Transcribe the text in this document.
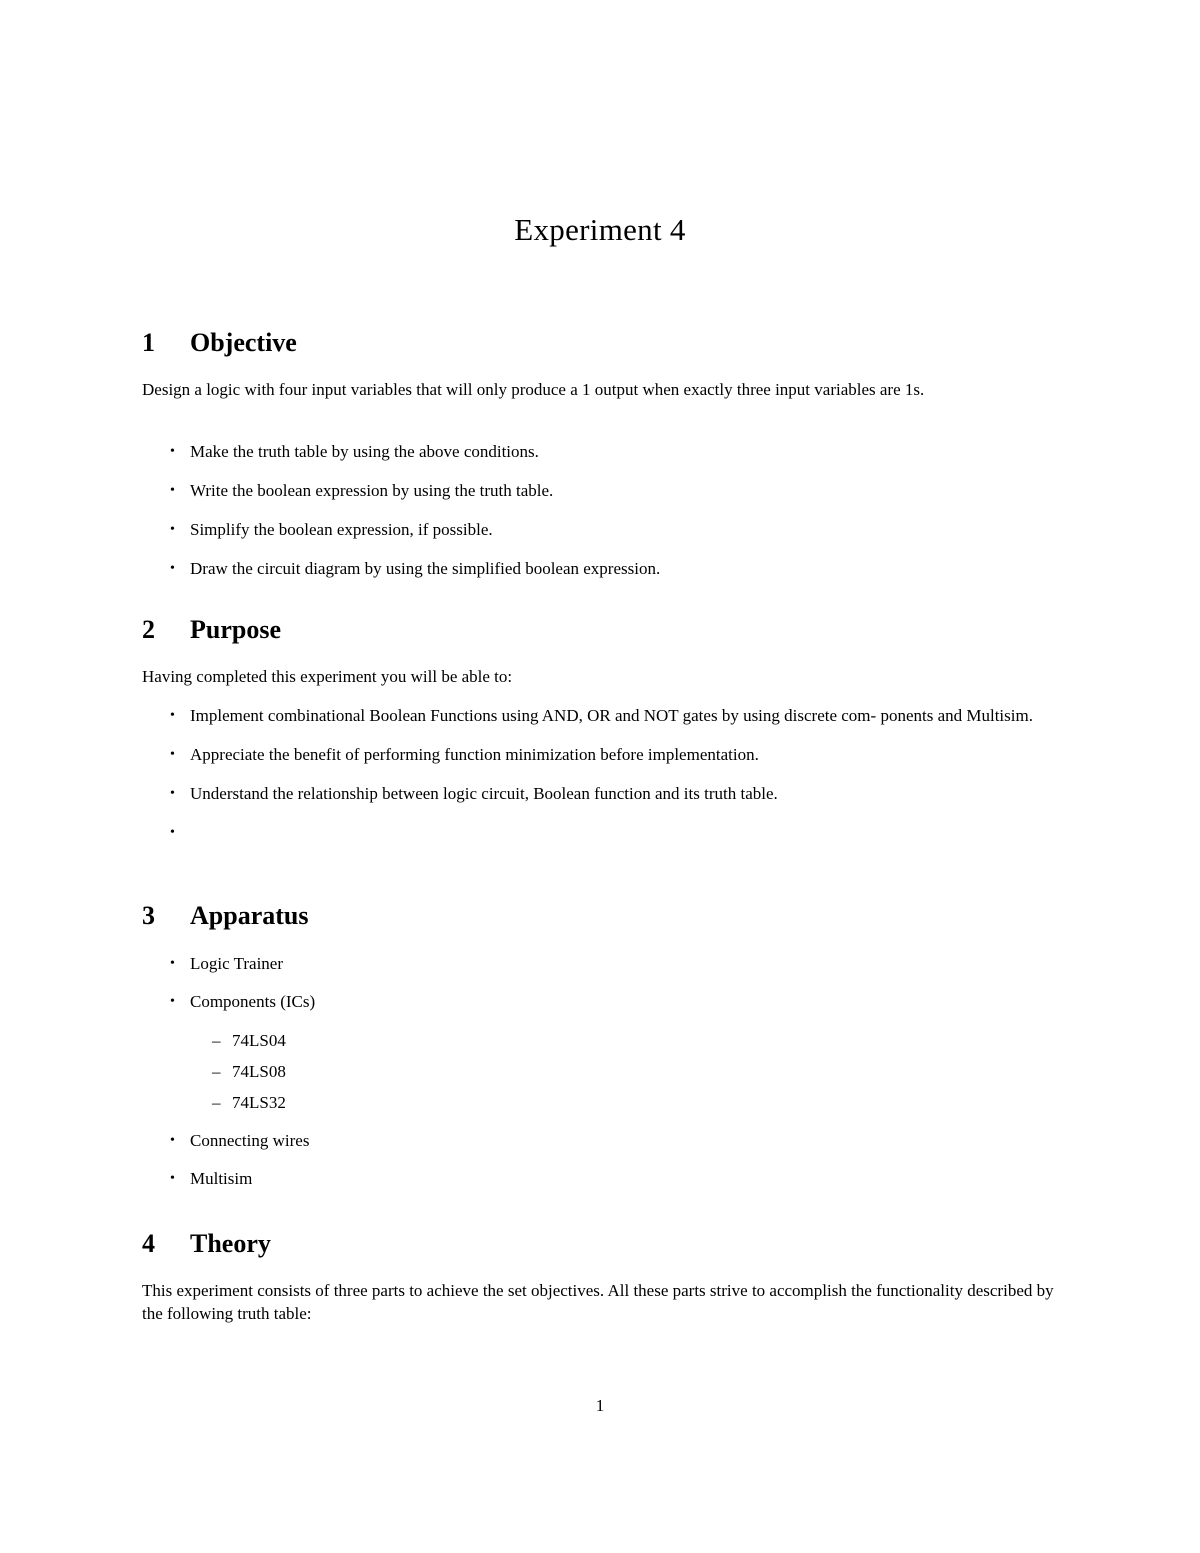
Experiment 4
1	Objective
Design a logic with four input variables that will only produce a 1 output when exactly three input variables are 1s.
• Make the truth table by using the above conditions.
• Write the boolean expression by using the truth table.
• Simplify the boolean expression, if possible.
• Draw the circuit diagram by using the simplified boolean expression.
2	Purpose
Having completed this experiment you will be able to:
• Implement combinational Boolean Functions using AND, OR and NOT gates by using discrete com- ponents and Multisim.
• Appreciate the benefit of performing function minimization before implementation.
• Understand the relationship between logic circuit, Boolean function and its truth table.
•

3	Apparatus
• Logic Trainer
• Components (ICs)
– 74LS04
– 74LS08
– 74LS32
• Connecting wires
• Multisim
4	Theory
This experiment consists of three parts to achieve the set objectives. All these parts strive to accomplish the functionality described by the following truth table:
1
